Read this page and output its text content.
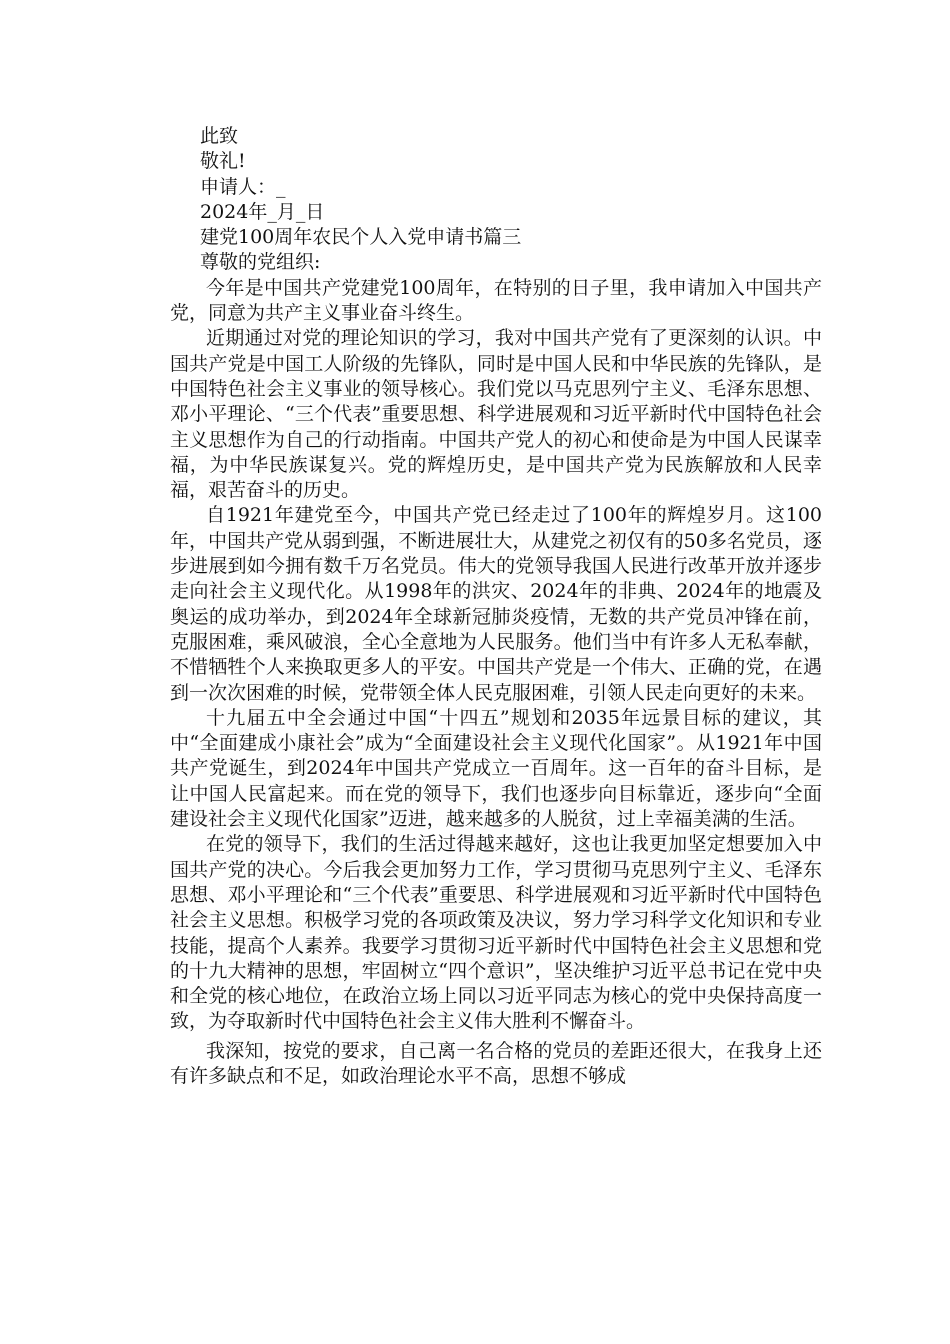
此致
敬礼!
申请人：_
2024年_月_日
建党100周年农民个人入党申请书篇三
尊敬的党组织:

今年是中国共产党建党100周年，在特别的日子里，我申请加入中国共产党，同意为共产主义事业奋斗终生。

近期通过对党的理论知识的学习，我对中国共产党有了更深刻的认识。中国共产党是中国工人阶级的先锋队，同时是中国人民和中华民族的先锋队，是中国特色社会主义事业的领导核心。我们党以马克思列宁主义、毛泽东思想、邓小平理论、“三个代表”重要思想、科学进展观和习近平新时代中国特色社会主义思想作为自己的行动指南。中国共产党人的初心和使命是为中国人民谋幸福，为中华民族谋复兴。党的辉煌历史，是中国共产党为民族解放和人民幸福，艰苦奋斗的历史。

自1921年建党至今，中国共产党已经走过了100年的辉煌岁月。这100年，中国共产党从弱到强，不断进展壮大，从建党之初仅有的50多名党员，逐步进展到如今拥有数千万名党员。伟大的党领导我国人民进行改革开放并逐步走向社会主义现代化。从1998年的洪灾、2024年的非典、2024年的地震及奥运的成功举办，到2024年全球新冠肺炎疫情，无数的共产党员冲锋在前，克服困难，乘风破浪，全心全意地为人民服务。他们当中有许多人无私奉献，不惜牺牲个人来换取更多人的平安。中国共产党是一个伟大、正确的党，在遇到一次次困难的时候，党带领全体人民克服困难，引领人民走向更好的未来。

十九届五中全会通过中国“十四五”规划和2035年远景目标的建议，其中“全面建成小康社会”成为“全面建设社会主义现代化国家”。从1921年中国共产党诞生，到2024年中国共产党成立一百周年。这一百年的奋斗目标，是让中国人民富起来。而在党的领导下，我们也逐步向目标靠近，逐步向“全面建设社会主义现代化国家”迈进，越来越多的人脱贫，过上幸福美满的生活。

在党的领导下，我们的生活过得越来越好，这也让我更加坚定想要加入中国共产党的决心。今后我会更加努力工作，学习贯彻马克思列宁主义、毛泽东思想、邓小平理论和“三个代表”重要思、科学进展观和习近平新时代中国特色社会主义思想。积极学习党的各项政策及决议，努力学习科学文化知识和专业技能，提高个人素养。我要学习贯彻习近平新时代中国特色社会主义思想和党的十九大精神的思想，牢固树立“四个意识”，坚决维护习近平总书记在党中央和全党的核心地位，在政治立场上同以习近平同志为核心的党中央保持高度一致，为夺取新时代中国特色社会主义伟大胜利不懈奋斗。

我深知，按党的要求，自己离一名合格的党员的差距还很大，在我身上还有许多缺点和不足，如政治理论水平不高，思想不够成
